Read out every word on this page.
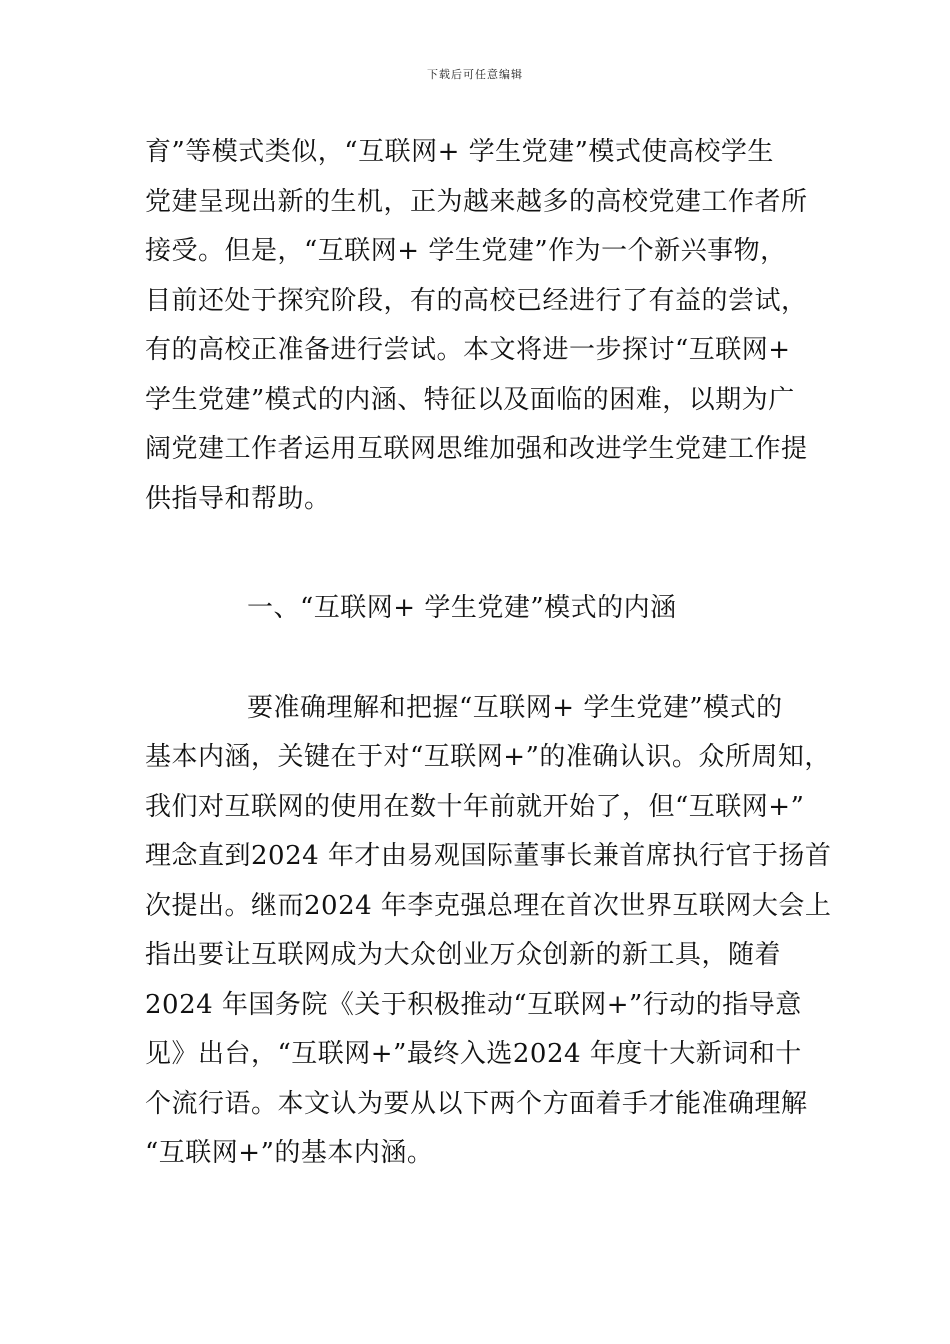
下载后可任意编辑
育”等模式类似，“互联网+ 学生党建”模式使高校学生
党建呈现出新的生机，正为越来越多的高校党建工作者所
接受。但是，“互联网+ 学生党建”作为一个新兴事物，
目前还处于探究阶段，有的高校已经进行了有益的尝试，
有的高校正准备进行尝试。本文将进一步探讨“互联网+
学生党建”模式的内涵、特征以及面临的困难，以期为广
阔党建工作者运用互联网思维加强和改进学生党建工作提
供指导和帮助。
一、“互联网+ 学生党建”模式的内涵
要准确理解和把握“互联网+ 学生党建”模式的
基本内涵，关键在于对“互联网+”的准确认识。众所周知，
我们对互联网的使用在数十年前就开始了，但“互联网+”
理念直到2024 年才由易观国际董事长兼首席执行官于扬首
次提出。继而2024 年李克强总理在首次世界互联网大会上
指出要让互联网成为大众创业万众创新的新工具，随着
2024 年国务院《关于积极推动“互联网+”行动的指导意
见》出台，“互联网+”最终入选2024 年度十大新词和十
个流行语。本文认为要从以下两个方面着手才能准确理解
“互联网+”的基本内涵。
